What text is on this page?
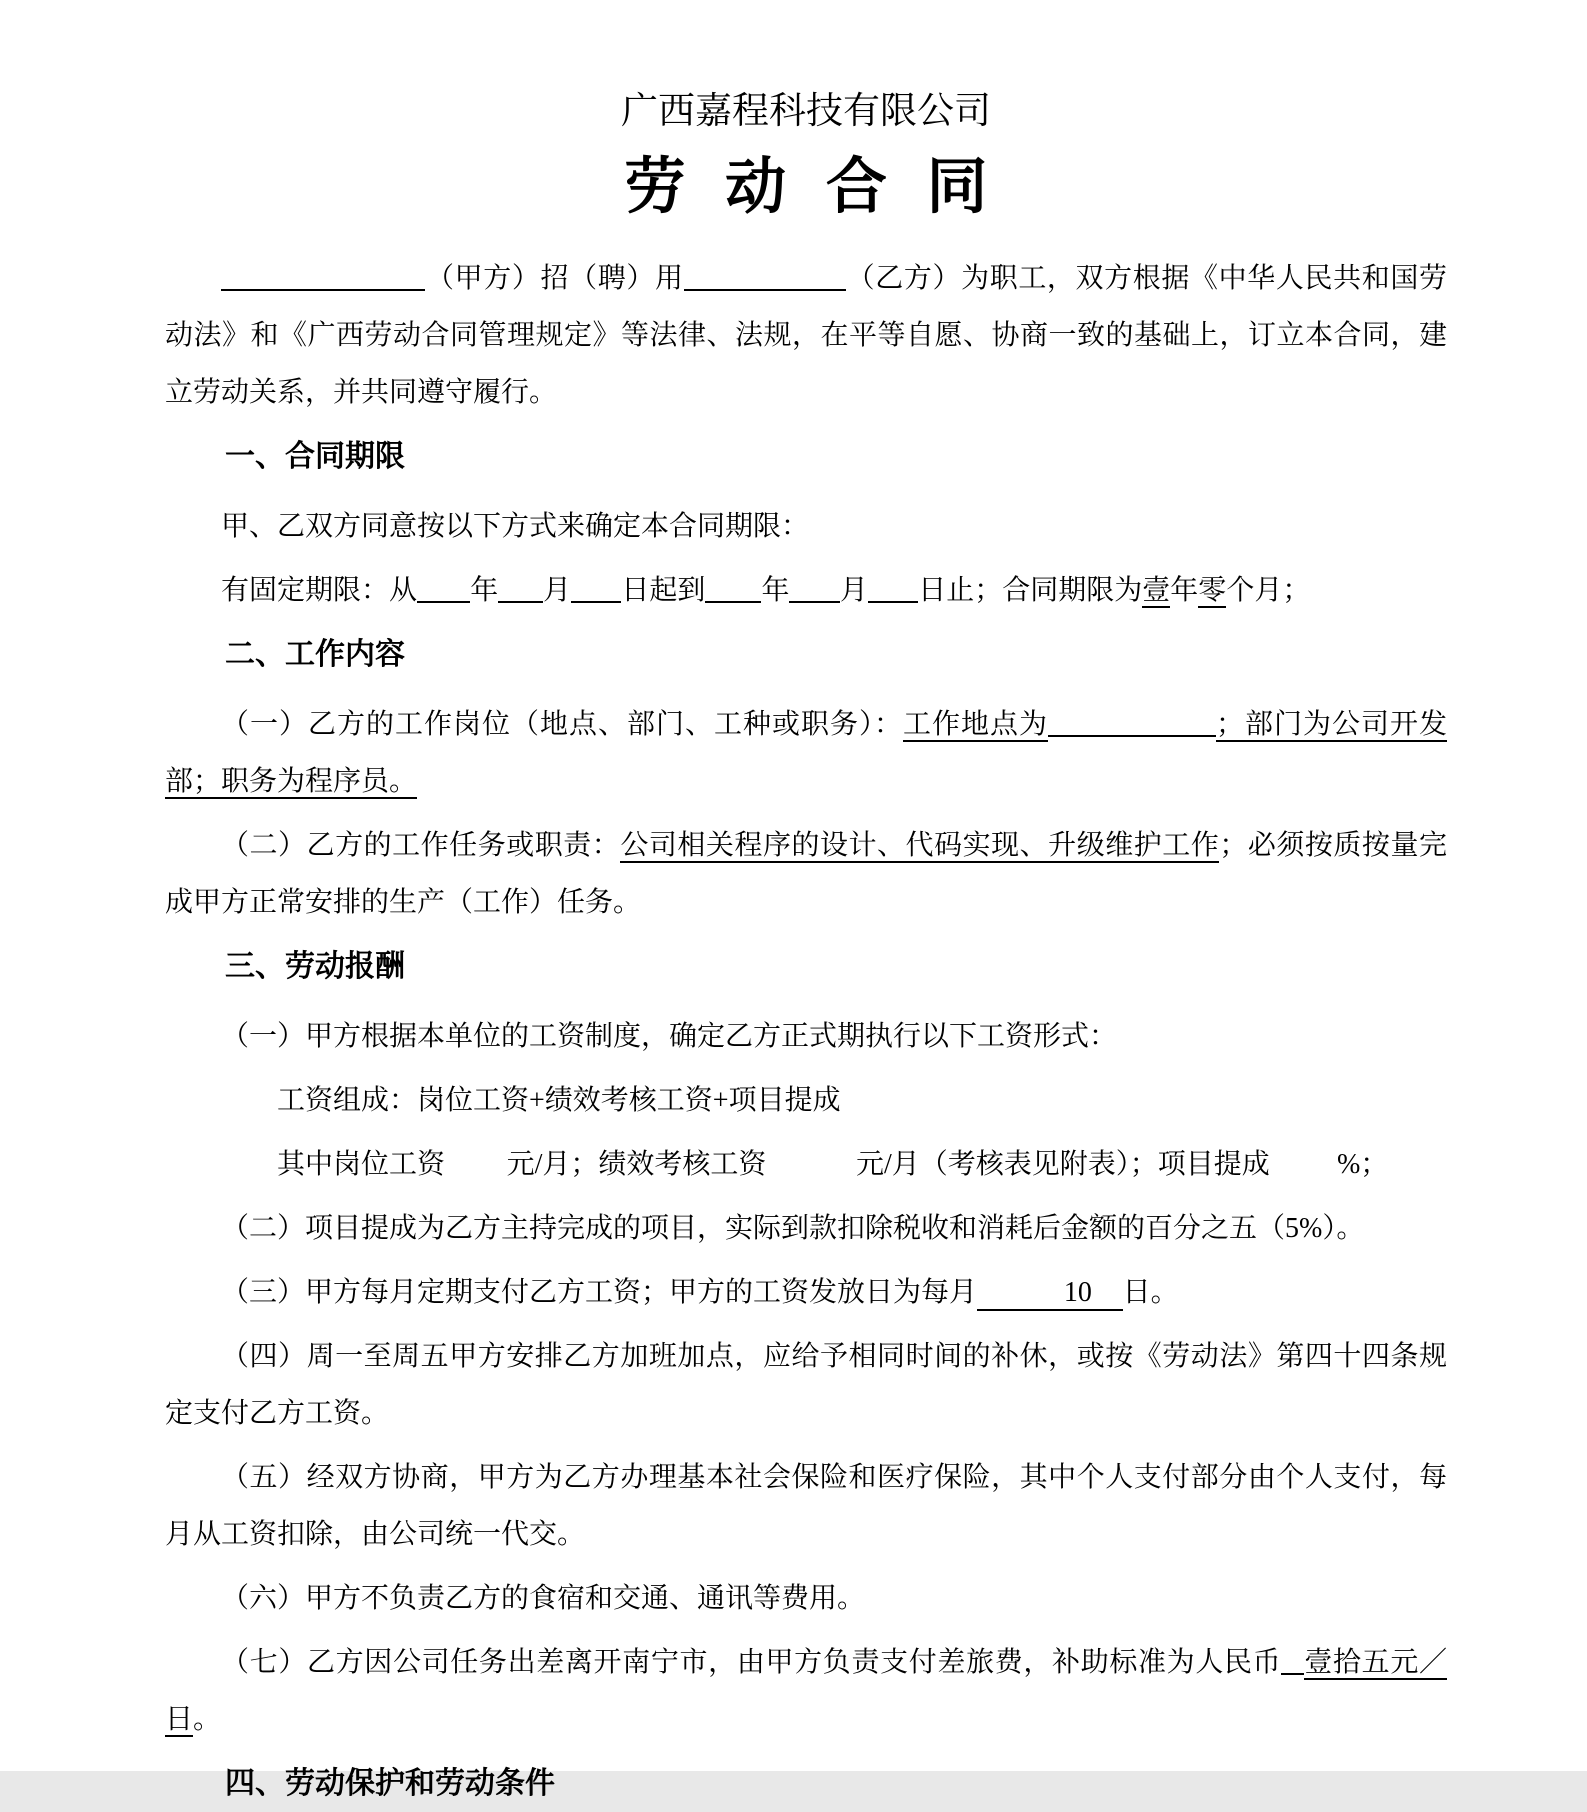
广西嘉程科技有限公司

劳动合同

（甲方）招（聘）用	（乙方）为职工，双方根据《中华人民共和国劳动法》和《广西劳动合同管理规定》等法律、法规，在平等自愿、协商一致的基础上，订立本合同，建立劳动关系，并共同遵守履行。

一、合同期限

甲、乙双方同意按以下方式来确定本合同期限：

有固定期限：从 年 月 日起到 年 月 日止；合同期限为壹年零个月；

二、工作内容

（一）乙方的工作岗位（地点、部门、工种或职务）：工作地点为	；部门为公司开发部；职务为程序员。

（二）乙方的工作任务或职责：公司相关程序的设计、代码实现、升级维护工作；必须按质按量完成甲方正常安排的生产（工作）任务。

三、劳动报酬

（一）甲方根据本单位的工资制度，确定乙方正式期执行以下工资形式：

工资组成：岗位工资+绩效考核工资+项目提成

其中岗位工资 元/月；绩效考核工资	元/月（考核表见附表）；项目提成 %；

（二）项目提成为乙方主持完成的项目，实际到款扣除税收和消耗后金额的百分之五（5%）。

（三）甲方每月定期支付乙方工资；甲方的工资发放日为每月	10 日。

（四）周一至周五甲方安排乙方加班加点，应给予相同时间的补休，或按《劳动法》第四十四条规定支付乙方工资。

（五）经双方协商，甲方为乙方办理基本社会保险和医疗保险，其中个人支付部分由个人支付，每月从工资扣除，由公司统一代交。

（六）甲方不负责乙方的食宿和交通、通讯等费用。

（七）乙方因公司任务出差离开南宁市，由甲方负责支付差旅费，补助标准为人民币 壹拾五元／日。

四、劳动保护和劳动条件
